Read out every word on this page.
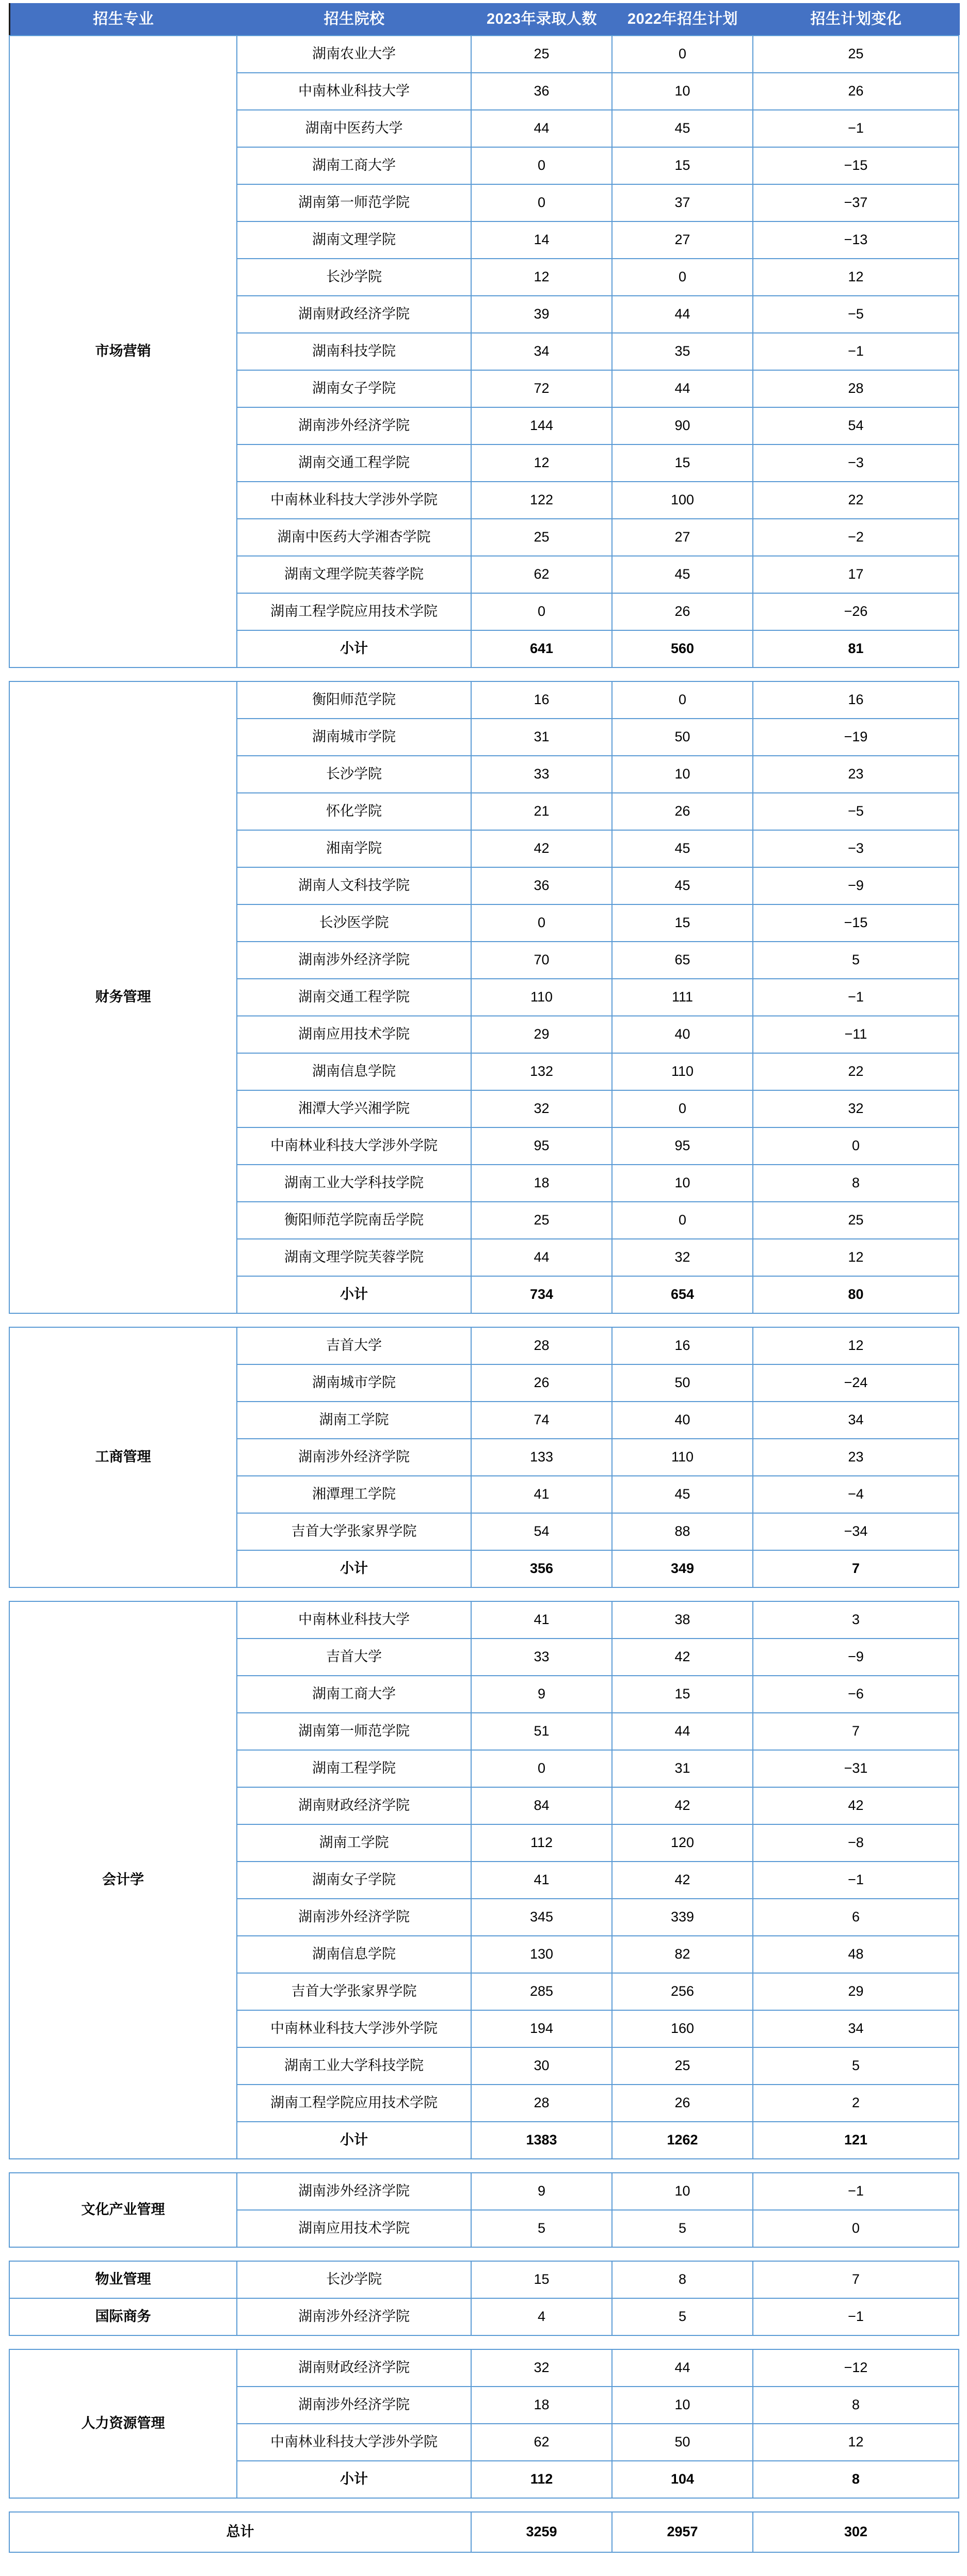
招生专业	招生院校	2023年录取人数	2022年招生计划	招生计划变化
市场营销	湖南农业大学	25	0	25
	中南林业科技大学	36	10	26
	湖南中医药大学	44	45	−1
	湖南工商大学	0	15	−15
	湖南第一师范学院	0	37	−37
	湖南文理学院	14	27	−13
	长沙学院	12	0	12
	湖南财政经济学院	39	44	−5
	湖南科技学院	34	35	−1
	湖南女子学院	72	44	28
	湖南涉外经济学院	144	90	54
	湖南交通工程学院	12	15	−3
	中南林业科技大学涉外学院	122	100	22
	湖南中医药大学湘杏学院	25	27	−2
	湖南文理学院芙蓉学院	62	45	17
	湖南工程学院应用技术学院	0	26	−26
	小计	641	560	81
财务管理	衡阳师范学院	16	0	16
	湖南城市学院	31	50	−19
	长沙学院	33	10	23
	怀化学院	21	26	−5
	湘南学院	42	45	−3
	湖南人文科技学院	36	45	−9
	长沙医学院	0	15	−15
	湖南涉外经济学院	70	65	5
	湖南交通工程学院	110	111	−1
	湖南应用技术学院	29	40	−11
	湖南信息学院	132	110	22
	湘潭大学兴湘学院	32	0	32
	中南林业科技大学涉外学院	95	95	0
	湖南工业大学科技学院	18	10	8
	衡阳师范学院南岳学院	25	0	25
	湖南文理学院芙蓉学院	44	32	12
	小计	734	654	80
工商管理	吉首大学	28	16	12
	湖南城市学院	26	50	−24
	湖南工学院	74	40	34
	湖南涉外经济学院	133	110	23
	湘潭理工学院	41	45	−4
	吉首大学张家界学院	54	88	−34
	小计	356	349	7
会计学	中南林业科技大学	41	38	3
	吉首大学	33	42	−9
	湖南工商大学	9	15	−6
	湖南第一师范学院	51	44	7
	湖南工程学院	0	31	−31
	湖南财政经济学院	84	42	42
	湖南工学院	112	120	−8
	湖南女子学院	41	42	−1
	湖南涉外经济学院	345	339	6
	湖南信息学院	130	82	48
	吉首大学张家界学院	285	256	29
	中南林业科技大学涉外学院	194	160	34
	湖南工业大学科技学院	30	25	5
	湖南工程学院应用技术学院	28	26	2
	小计	1383	1262	121
文化产业管理	湖南涉外经济学院	9	10	−1
	湖南应用技术学院	5	5	0
物业管理	长沙学院	15	8	7
国际商务	湖南涉外经济学院	4	5	−1
人力资源管理	湖南财政经济学院	32	44	−12
	湖南涉外经济学院	18	10	8
	中南林业科技大学涉外学院	62	50	12
	小计	112	104	8
总计	3259	2957	302
